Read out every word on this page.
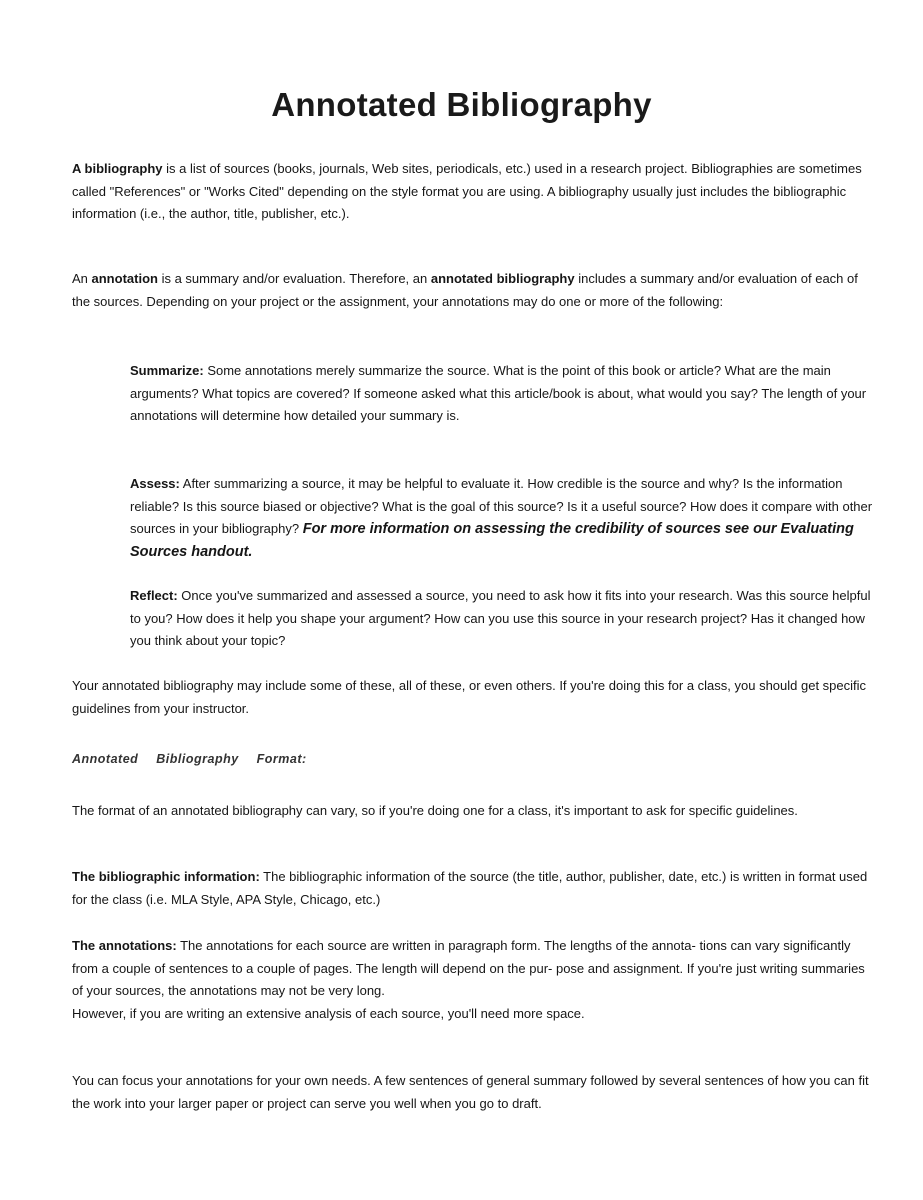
Annotated Bibliography
A bibliography is a list of sources (books, journals, Web sites, periodicals, etc.) used in a research project. Bibliographies are sometimes called "References" or "Works Cited" depending on the style format you are using. A bibliography usually just includes the bibliographic information (i.e., the author, title, publisher, etc.).
An annotation is a summary and/or evaluation. Therefore, an annotated bibliography includes a summary and/or evaluation of each of the sources. Depending on your project or the assignment, your annotations may do one or more of the following:
Summarize: Some annotations merely summarize the source. What is the point of this book or article? What are the main arguments? What topics are covered? If someone asked what this article/book is about, what would you say? The length of your annotations will determine how detailed your summary is.
Assess: After summarizing a source, it may be helpful to evaluate it. How credible is the source and why? Is the information reliable? Is this source biased or objective? What is the goal of this source? Is it a useful source? How does it compare with other sources in your bibliography? For more information on assessing the credibility of sources see our Evaluating Sources handout.
Reflect: Once you've summarized and assessed a source, you need to ask how it fits into your research. Was this source helpful to you? How does it help you shape your argument? How can you use this source in your research project? Has it changed how you think about your topic?
Your annotated bibliography may include some of these, all of these, or even others. If you're doing this for a class, you should get specific guidelines from your instructor.
Annotated Bibliography Format:
The format of an annotated bibliography can vary, so if you're doing one for a class, it's important to ask for specific guidelines.
The bibliographic information: The bibliographic information of the source (the title, author, publisher, date, etc.) is written in format used for the class (i.e. MLA Style, APA Style, Chicago, etc.)
The annotations: The annotations for each source are written in paragraph form. The lengths of the annota- tions can vary significantly from a couple of sentences to a couple of pages. The length will depend on the pur- pose and assignment. If you're just writing summaries of your sources, the annotations may not be very long.
However, if you are writing an extensive analysis of each source, you'll need more space.
You can focus your annotations for your own needs. A few sentences of general summary followed by several sentences of how you can fit the work into your larger paper or project can serve you well when you go to draft.
